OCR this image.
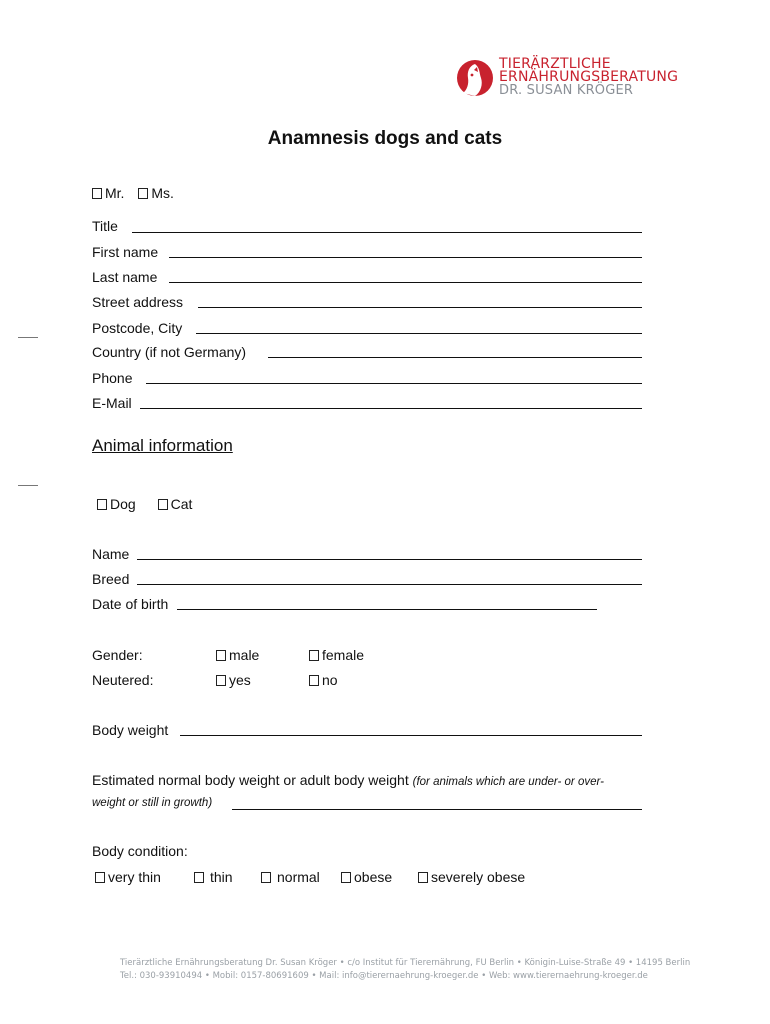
TIERÄRZTLICHE
ERNÄHRUNGSBERATUNG
DR. SUSAN KRÖGER
Anamnesis dogs and cats
Mr. Ms.
Title
First name
Last name
Street address
Postcode, City
Country (if not Germany)
Phone
E-Mail
Animal information
Dog Cat
Name
Breed
Date of birth
Gender:	male	female
Neutered:	yes	no
Body weight
Estimated normal body weight or adult body weight (for animals which are under- or over-
weight or still in growth)
Body condition:
very thin	thin	normal	obese	severely obese
Tierärztliche Ernährungsberatung Dr. Susan Kröger • c/o Institut für Tierernährung, FU Berlin • Königin-Luise-Straße 49 • 14195 Berlin
Tel.: 030-93910494 • Mobil: 0157-80691609 • Mail: info@tierernaehrung-kroeger.de • Web: www.tierernaehrung-kroeger.de
